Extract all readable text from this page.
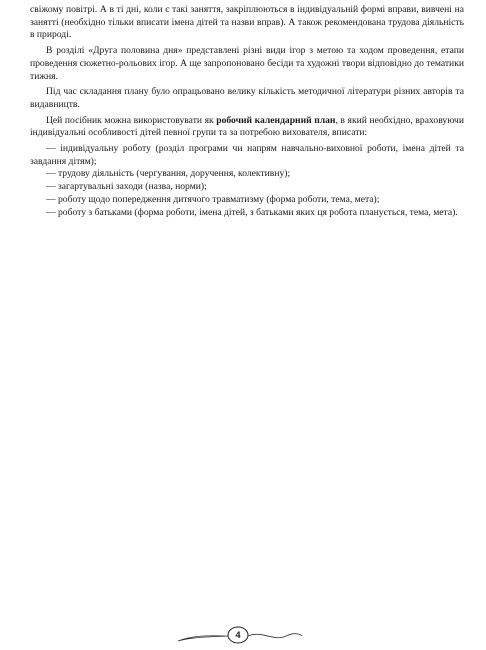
свіжому повітрі. А в ті дні, коли є такі заняття, закріплюються в індивідуальній формі вправи, вивчені на занятті (необхідно тільки вписати імена дітей та назви вправ). А також рекомендована трудова діяльність в природі.

В розділі «Друга половина дня» представлені різні види ігор з метою та ходом проведення, етапи проведення сюжетно-рольових ігор. А ще запропоновано бесіди та художні твори відповідно до тематики тижня.

Під час складання плану було опрацьовано велику кількість методичної літератури різних авторів та видавництв.

Цей посібник можна використовувати як робочий календарний план, в який необхідно, враховуючи індивідуальні особливості дітей певної групи та за потребою вихователя, вписати:

— індивідуальну роботу (розділ програми чи напрям навчально-виховної роботи, імена дітей та завдання дітям);

— трудову діяльність (чергування, доручення, колективну);

— загартувальні заходи (назва, норми);

— роботу щодо попередження дитячого травматизму (форма роботи, тема, мета);

— роботу з батьками (форма роботи, імена дітей, з батьками яких ця робота планується, тема, мета).

4
